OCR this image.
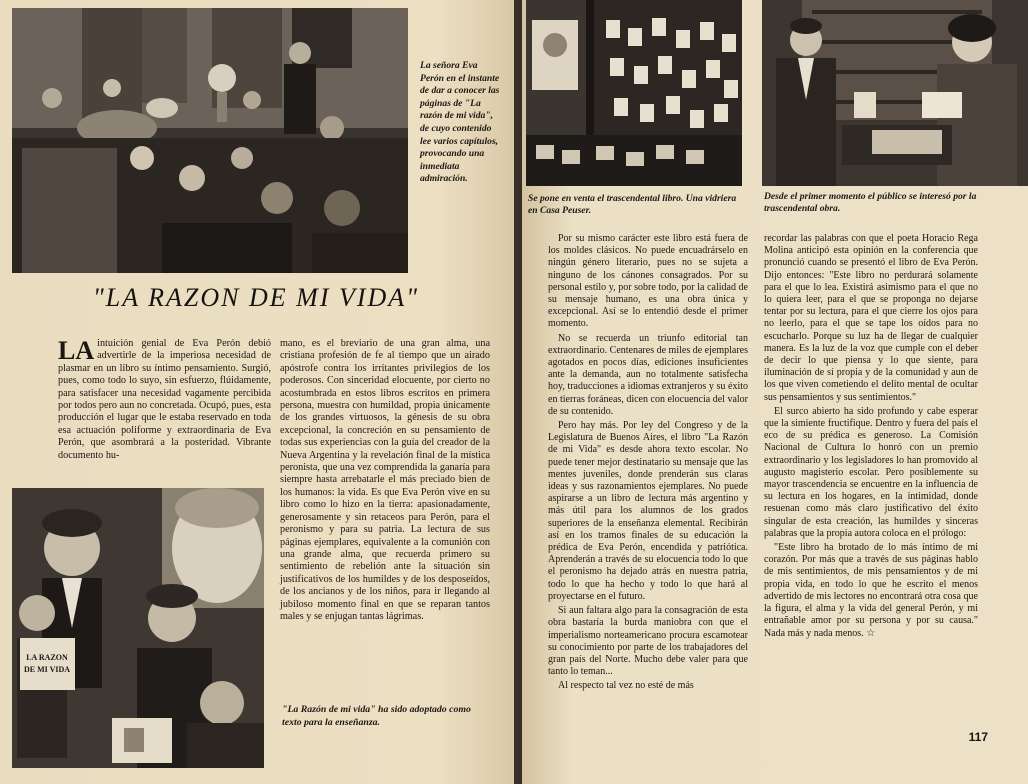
La señora Eva Perón en el instante de dar a conocer las páginas de "La razón de mi vida", de cuyo contenido lee varios capítulos, provocando una inmediata admiración.
"LA RAZON DE MI VIDA"

LA intuición genial de Eva Perón debió advertirle de la imperiosa necesidad de plasmar en un libro su íntimo pensamiento. Surgió, pues, como todo lo suyo, sin esfuerzo, flúidamente, para satisfacer una necesidad vagamente percibida por todos pero aun no concretada. Ocupó, pues, esta producción el lugar que le estaba reservado en toda esa actuación poliforme y extraordinaria de Eva Perón, que asombrará a la posteridad. Vibrante documento hu-

mano, es el breviario de una gran alma, una cristiana profesión de fe al tiempo que un airado apóstrofe contra los irritantes privilegios de los poderosos. Con sinceridad elocuente, por cierto no acostumbrada en estos libros escritos en primera persona, muestra con humildad, propia únicamente de los grandes virtuosos, la génesis de su obra excepcional, la concreción en su pensamiento de todas sus experiencias con la guía del creador de la Nueva Argentina y la revelación final de la mística peronista, que una vez comprendida la ganaría para siempre hasta arrebatarle el más preciado bien de los humanos: la vida. Es que Eva Perón vive en su libro como lo hizo en la tierra: apasionadamente, generosamente y sin retaceos para Perón, para el peronismo y para su patria. La lectura de sus páginas ejemplares, equivalente a la comunión con una grande alma, que recuerda primero su sentimiento de rebelión ante la situación sin justificativos de los humildes y de los desposeídos, de los ancianos y de los niños, para ir llegando al jubiloso momento final en que se reparan tantos males y se enjugan tantas lágrimas.

LA RAZON
DE MI VIDA
"La Razón de mi vida" ha sido adoptado como texto para la enseñanza.
Se pone en venta el trascendental libro. Una vidriera en Casa Peuser.
Desde el primer momento el público se interesó por la trascendental obra.

Por su mismo carácter este libro está fuera de los moldes clásicos. No puede encuadrárselo en ningún género literario, pues no se sujeta a ninguno de los cánones consagrados. Por su personal estilo y, por sobre todo, por la calidad de su mensaje humano, es una obra única y excepcional. Así se lo entendió desde el primer momento.

No se recuerda un triunfo editorial tan extraordinario. Centenares de miles de ejemplares agotados en pocos días, ediciones insuficientes ante la demanda, aun no totalmente satisfecha hoy, traducciones a idiomas extranjeros y su éxito en tierras foráneas, dicen con elocuencia del valor de su contenido.

Pero hay más. Por ley del Congreso y de la Legislatura de Buenos Aires, el libro "La Razón de mi Vida" es desde ahora texto escolar. No puede tener mejor destinatario su mensaje que las mentes juveniles, donde prenderán sus claras ideas y sus razonamientos ejemplares. No puede aspirarse a un libro de lectura más argentino y más útil para los alumnos de los grados superiores de la enseñanza elemental. Recibirán así en los tramos finales de su educación la prédica de Eva Perón, encendida y patriótica. Aprenderán a través de su elocuencia todo lo que el peronismo ha dejado atrás en nuestra patria, todo lo que ha hecho y todo lo que hará al proyectarse en el futuro.

Si aun faltara algo para la consagración de esta obra bastaría la burda maniobra con que el imperialismo norteamericano procura escamotear su conocimiento por parte de los trabajadores del gran país del Norte. Mucho debe valer para que tanto lo teman...

Al respecto tal vez no esté de más

recordar las palabras con que el poeta Horacio Rega Molina anticipó esta opinión en la conferencia que pronunció cuando se presentó el libro de Eva Perón. Dijo entonces: "Este libro no perdurará solamente para el que lo lea. Existirá asimismo para el que no lo quiera leer, para el que se proponga no dejarse tentar por su lectura, para el que cierre los ojos para no leerlo, para el que se tape los oídos para no escucharlo. Porque su luz ha de llegar de cualquier manera. Es la luz de la voz que cumple con el deber de decir lo que piensa y lo que siente, para iluminación de sí propia y de la comunidad y aun de los que viven cometiendo el delito mental de ocultar sus pensamientos y sus sentimientos."

El surco abierto ha sido profundo y cabe esperar que la simiente fructifique. Dentro y fuera del país el eco de su prédica es generoso. La Comisión Nacional de Cultura lo honró con un premio extraordinario y los legisladores lo han promovido al augusto magisterio escolar. Pero posiblemente su mayor trascendencia se encuentre en la influencia de su lectura en los hogares, en la intimidad, donde resuenan como más claro justificativo del éxito singular de esta creación, las humildes y sinceras palabras que la propia autora coloca en el prólogo:

"Este libro ha brotado de lo más íntimo de mi corazón. Por más que a través de sus páginas hablo de mis sentimientos, de mis pensamientos y de mi propia vida, en todo lo que he escrito el menos advertido de mis lectores no encontrará otra cosa que la figura, el alma y la vida del general Perón, y mi entrañable amor por su persona y por su causa." Nada más y nada menos. ☆

117
